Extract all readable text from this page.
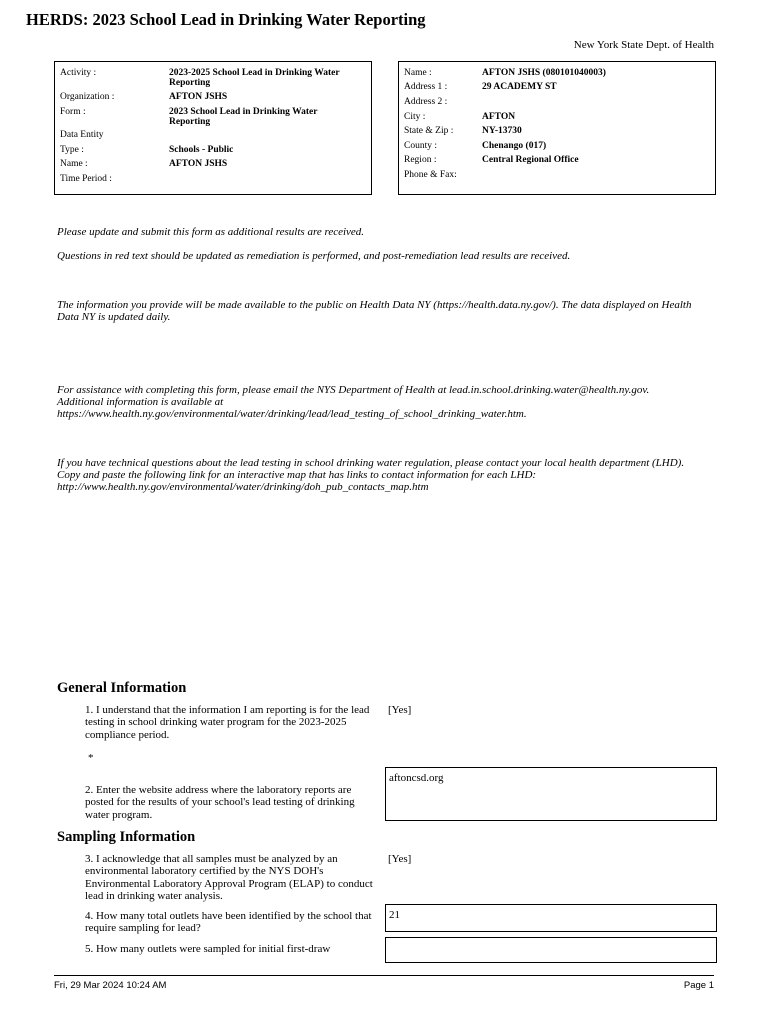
HERDS: 2023 School Lead in Drinking Water Reporting
New York State Dept. of Health
Activity :	2023-2025 School Lead in Drinking Water Reporting
Organization :	AFTON JSHS
Form :	2023 School Lead in Drinking Water Reporting
Data Entity
Type :	Schools - Public
Name :	AFTON JSHS
Time Period :
Name :	AFTON JSHS (080101040003)
Address 1 :	29 ACADEMY ST
Address 2 :
City :	AFTON
State & Zip :	NY-13730
County :	Chenango (017)
Region :	Central Regional Office
Phone & Fax:
Please update and submit this form as additional results are received.
Questions in red text should be updated as remediation is performed, and post-remediation lead results are received.
The information you provide will be made available to the public on Health Data NY (https://health.data.ny.gov/). The data displayed on Health Data NY is updated daily.
For assistance with completing this form, please email the NYS Department of Health at lead.in.school.drinking.water@health.ny.gov. Additional information is available at https://www.health.ny.gov/environmental/water/drinking/lead/lead_testing_of_school_drinking_water.htm.
If you have technical questions about the lead testing in school drinking water regulation, please contact your local health department (LHD). Copy and paste the following link for an interactive map that has links to contact information for each LHD: http://www.health.ny.gov/environmental/water/drinking/doh_pub_contacts_map.htm
General Information
1. I understand that the information I am reporting is for the lead testing in school drinking water program for the 2023-2025 compliance period.
[Yes]
*
2. Enter the website address where the laboratory reports are posted for the results of your school's lead testing of drinking water program.
aftoncsd.org
Sampling Information
3. I acknowledge that all samples must be analyzed by an environmental laboratory certified by the NYS DOH's Environmental Laboratory Approval Program (ELAP) to conduct lead in drinking water analysis.
[Yes]
4. How many total outlets have been identified by the school that require sampling for lead?
21
5. How many outlets were sampled for initial first-draw
Fri, 29 Mar 2024 10:24 AM	Page 1
